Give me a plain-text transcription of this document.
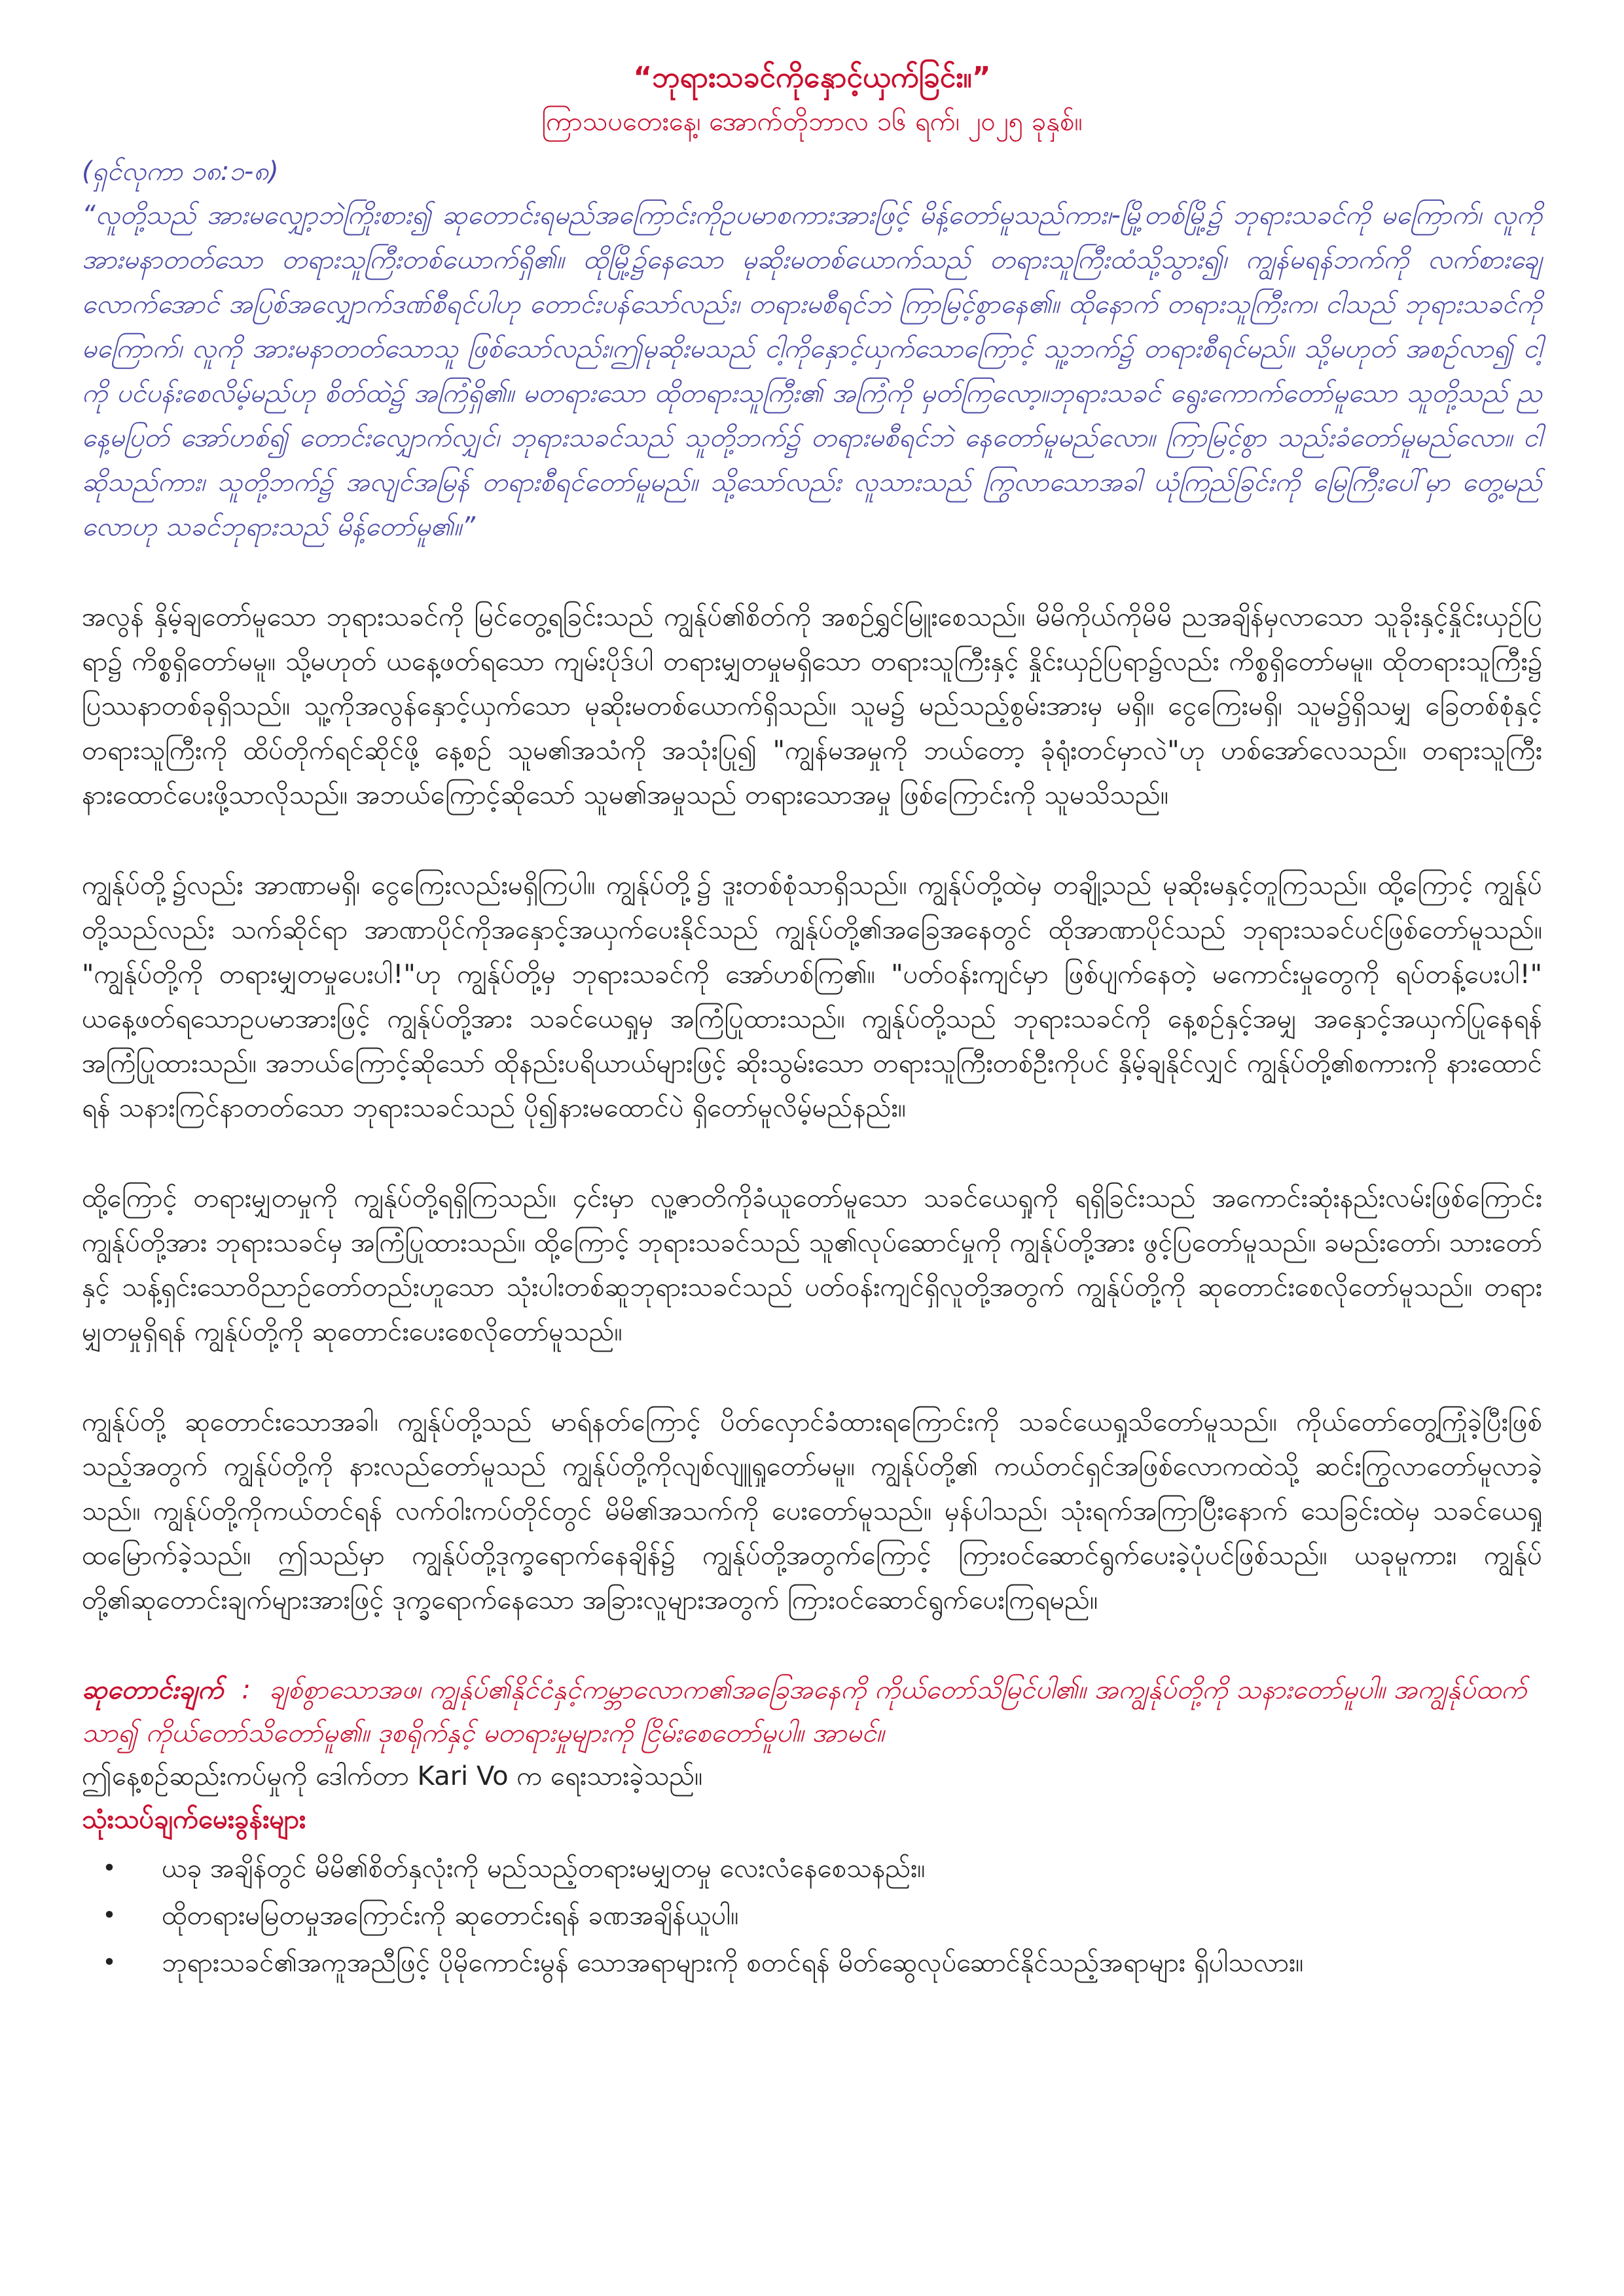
“ဘုရားသခင်ကိုနှောင့်ယှက်ခြင်း။”

ကြာသပတေးနေ့၊ အောက်တိုဘာလ ၁၆ ရက်၊ ၂၀၂၅ ခုနှစ်။

(ရှင်လုကာ ၁၈:၁-၈)

“လူတို့သည် အားမလျှော့ဘဲကြိုးစား၍ ဆုတောင်းရမည်အကြောင်းကိုဥပမာစကားအားဖြင့် မိန့်တော်မူသည်ကား၊-မြို့တစ်မြို့၌ ဘုရားသခင်ကို မကြောက်၊ လူကို အားမနာတတ်သော တရားသူကြီးတစ်ယောက်ရှိ၏။ ထိုမြို့၌နေသော မုဆိုးမတစ်ယောက်သည် တရားသူကြီးထံသို့သွား၍၊ ကျွန်မရန်ဘက်ကို လက်စားချေလောက်အောင် အပြစ်အလျှောက်ဒဏ်စီရင်ပါဟု တောင်းပန်သော်လည်း၊ တရားမစီရင်ဘဲ ကြာမြင့်စွာနေ၏။ ထိုနောက် တရားသူကြီးက၊ ငါသည် ဘုရားသခင်ကို မကြောက်၊ လူကို အားမနာတတ်သောသူ ဖြစ်သော်လည်း၊ဤမုဆိုးမသည် ငါ့ကိုနှောင့်ယှက်သောကြောင့် သူ့ဘက်၌ တရားစီရင်မည်။ သို့မဟုတ် အစဉ်လာ၍ ငါ့ကို ပင်ပန်းစေလိမ့်မည်ဟု စိတ်ထဲ၌ အကြံရှိ၏။ မတရားသော ထိုတရားသူကြီး၏ အကြံကို မှတ်ကြလော့။ဘုရားသခင် ရွေးကောက်တော်မူသော သူတို့သည် ညနေ့မပြတ် အော်ဟစ်၍ တောင်းလျှောက်လျှင်၊ ဘုရားသခင်သည် သူတို့ဘက်၌ တရားမစီရင်ဘဲ နေတော်မူမည်လော။ ကြာမြင့်စွာ သည်းခံတော်မူမည်လော။ ငါဆိုသည်ကား၊ သူတို့ဘက်၌ အလျင်အမြန် တရားစီရင်တော်မူမည်။ သို့သော်လည်း လူသားသည် ကြွလာသောအခါ ယုံကြည်ခြင်းကို မြေကြီးပေါ်မှာ တွေ့မည်လောဟု သခင်ဘုရားသည် မိန့်တော်မူ၏။”

အလွန် နှိမ့်ချတော်မူသော ဘုရားသခင်ကို မြင်တွေ့ရခြင်းသည် ကျွန်ုပ်၏စိတ်ကို အစဉ်ရွှင်မြူးစေသည်။ မိမိကိုယ်ကိုမိမိ ညအချိန်မှလာသော သူခိုးနှင့်နှိုင်းယှဉ်ပြရာ၌ ကိစ္စရှိတော်မမူ။ သို့မဟုတ် ယနေ့ဖတ်ရသော ကျမ်းပိုဒ်ပါ တရားမျှတမှုမရှိသော တရားသူကြီးနှင့် နှိုင်းယှဉ်ပြရာ၌လည်း ကိစ္စရှိတော်မမူ။ ထိုတရားသူကြီး၌ ပြဿနာတစ်ခုရှိသည်။ သူ့ကိုအလွန်နှောင့်ယှက်သော မုဆိုးမတစ်ယောက်ရှိသည်။ သူမ၌ မည်သည့်စွမ်းအားမှ မရှိ။ ငွေကြေးမရှိ၊ သူမ၌ရှိသမျှ ခြေတစ်စုံနှင့် တရားသူကြီးကို ထိပ်တိုက်ရင်ဆိုင်ဖို့ နေ့စဉ် သူမ၏အသံကို အသုံးပြု၍ "ကျွန်မအမှုကို ဘယ်တော့ ခုံရုံးတင်မှာလဲ"ဟု ဟစ်အော်လေသည်။ တရားသူကြီးနားထောင်ပေးဖို့သာလိုသည်။ အဘယ်ကြောင့်ဆိုသော် သူမ၏အမှုသည် တရားသောအမှု ဖြစ်ကြောင်းကို သူမသိသည်။

ကျွန်ုပ်တို့၌လည်း အာဏာမရှိ၊ ငွေကြေးလည်းမရှိကြပါ။ ကျွန်ုပ်တို့၌ ဒူးတစ်စုံသာရှိသည်။ ကျွန်ုပ်တို့ထဲမှ တချို့သည် မုဆိုးမနှင့်တူကြသည်။ ထို့ကြောင့် ကျွန်ုပ်တို့သည်လည်း သက်ဆိုင်ရာ အာဏာပိုင်ကိုအနှောင့်အယှက်ပေးနိုင်သည် ကျွန်ုပ်တို့၏အခြေအနေတွင် ထိုအာဏာပိုင်သည် ဘုရားသခင်ပင်ဖြစ်တော်မူသည်။ "ကျွန်ုပ်တို့ကို တရားမျှတမှုပေးပါ!"ဟု ကျွန်ုပ်တို့မှ ဘုရားသခင်ကို အော်ဟစ်ကြ၏။ "ပတ်ဝန်းကျင်မှာ ဖြစ်ပျက်နေတဲ့ မကောင်းမှုတွေကို ရပ်တန့်ပေးပါ!" ယနေ့ဖတ်ရသောဥပမာအားဖြင့် ကျွန်ုပ်တို့အား သခင်ယေရှုမှ အကြံပြုထားသည်။ ကျွန်ုပ်တို့သည် ဘုရားသခင်ကို နေ့စဉ်နှင့်အမျှ အနှောင့်အယှက်ပြုနေရန် အကြံပြုထားသည်။ အဘယ်ကြောင့်ဆိုသော် ထိုနည်းပရိယာယ်များဖြင့် ဆိုးသွမ်းသော တရားသူကြီးတစ်ဦးကိုပင် နှိမ့်ချနိုင်လျှင် ကျွန်ုပ်တို့၏စကားကို နားထောင်ရန် သနားကြင်နာတတ်သော ဘုရားသခင်သည် ပို၍နားမထောင်ပဲ ရှိတော်မူလိမ့်မည်နည်း။

ထို့ကြောင့် တရားမျှတမှုကို ကျွန်ုပ်တို့ရရှိကြသည်။ ၄င်းမှာ လူ့ဇာတိကိုခံယူတော်မူသော သခင်ယေရှုကို ရရှိခြင်းသည် အကောင်းဆုံးနည်းလမ်းဖြစ်ကြောင်းကျွန်ုပ်တို့အား ဘုရားသခင်မှ အကြံပြုထားသည်။ ထို့ကြောင့် ဘုရားသခင်သည် သူ၏လုပ်ဆောင်မှုကို ကျွန်ုပ်တို့အား ဖွင့်ပြတော်မူသည်။ ခမည်းတော်၊ သားတော်နှင့် သန့်ရှင်းသောဝိညာဉ်တော်တည်းဟူသော သုံးပါးတစ်ဆူဘုရားသခင်သည် ပတ်ဝန်းကျင်ရှိလူတို့အတွက် ကျွန်ုပ်တို့ကို ဆုတောင်းစေလိုတော်မူသည်။ တရားမျှတမှုရှိရန် ကျွန်ုပ်တို့ကို ဆုတောင်းပေးစေလိုတော်မူသည်။

ကျွန်ုပ်တို့ ဆုတောင်းသောအခါ၊ ကျွန်ုပ်တို့သည် မာရ်နတ်ကြောင့် ပိတ်လှောင်ခံထားရကြောင်းကို သခင်ယေရှုသိတော်မူသည်။ ကိုယ်တော်တွေ့ကြုံခဲ့ပြီးဖြစ်သည့်အတွက် ကျွန်ုပ်တို့ကို နားလည်တော်မူသည် ကျွန်ုပ်တို့ကိုလျစ်လျူရှုတော်မမူ။ ကျွန်ုပ်တို့၏ ကယ်တင်ရှင်အဖြစ်လောကထဲသို့ ဆင်းကြွလာတော်မူလာခဲ့သည်။ ကျွန်ုပ်တို့ကိုကယ်တင်ရန် လက်ဝါးကပ်တိုင်တွင် မိမိ၏အသက်ကို ပေးတော်မူသည်။ မှန်ပါသည်၊ သုံးရက်အကြာပြီးနောက် သေခြင်းထဲမှ သခင်ယေရှုထမြောက်ခဲ့သည်။ ဤသည်မှာ ကျွန်ုပ်တို့ဒုက္ခရောက်နေချိန်၌ ကျွန်ုပ်တို့အတွက်ကြောင့် ကြားဝင်ဆောင်ရွက်ပေးခဲ့ပုံပင်ဖြစ်သည်။ ယခုမူကား၊ ကျွန်ုပ်တို့၏ဆုတောင်းချက်များအားဖြင့် ဒုက္ခရောက်နေသော အခြားလူများအတွက် ကြားဝင်ဆောင်ရွက်ပေးကြရမည်။

ဆုတောင်းချက် : ချစ်စွာသောအဖ၊ ကျွန်ုပ်၏နိုင်ငံနှင့်ကမ္ဘာလောက၏အခြေအနေကို ကိုယ်တော်သိမြင်ပါ၏။ အကျွန်ုပ်တို့ကို သနားတော်မူပါ။ အကျွန်ုပ်ထက်သာ၍ ကိုယ်တော်သိတော်မူ၏။ ဒုစရိုက်နှင့် မတရားမှုများကို ငြိမ်းစေတော်မူပါ။ အာမင်။

ဤနေ့စဉ်ဆည်းကပ်မှုကို ဒေါက်တာ Kari Vo က ရေးသားခဲ့သည်။

သုံးသပ်ချက်မေးခွန်းများ

•	ယခု အချိန်တွင် မိမိ၏စိတ်နှလုံးကို မည်သည့်တရားမမျှတမှု လေးလံနေစေသနည်း။
•	ထိုတရားမမြတမှုအကြောင်းကို ဆုတောင်းရန် ခဏအချိန်ယူပါ။
•	ဘုရားသခင်၏အကူအညီဖြင့် ပိုမိုကောင်းမွန် သောအရာများကို စတင်ရန် မိတ်ဆွေလုပ်ဆောင်နိုင်သည့်အရာများ ရှိပါသလား။
